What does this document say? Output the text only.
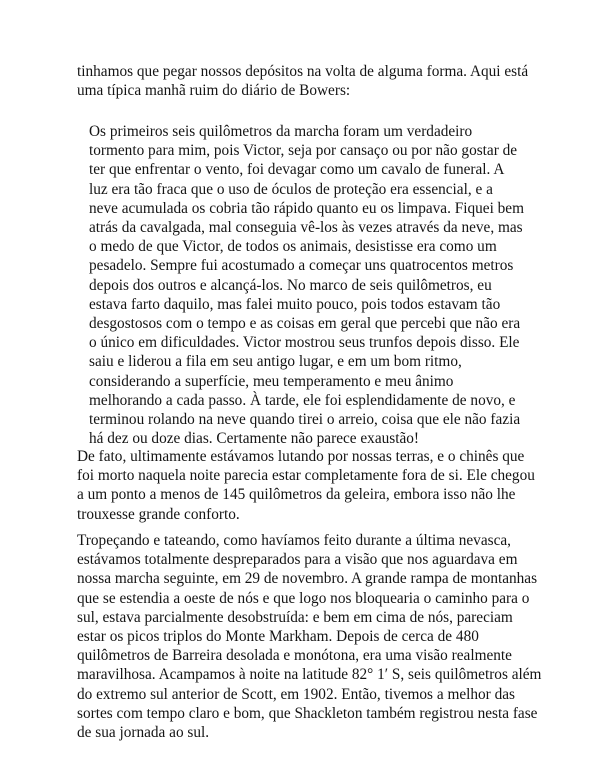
tinhamos que pegar nossos depósitos na volta de alguma forma. Aqui está
uma típica manhã ruim do diário de Bowers:

Os primeiros seis quilômetros da marcha foram um verdadeiro
tormento para mim, pois Victor, seja por cansaço ou por não gostar de
ter que enfrentar o vento, foi devagar como um cavalo de funeral. A
luz era tão fraca que o uso de óculos de proteção era essencial, e a
neve acumulada os cobria tão rápido quanto eu os limpava. Fiquei bem
atrás da cavalgada, mal conseguia vê-los às vezes através da neve, mas
o medo de que Victor, de todos os animais, desistisse era como um
pesadelo. Sempre fui acostumado a começar uns quatrocentos metros
depois dos outros e alcançá-los. No marco de seis quilômetros, eu
estava farto daquilo, mas falei muito pouco, pois todos estavam tão
desgostosos com o tempo e as coisas em geral que percebi que não era
o único em dificuldades. Victor mostrou seus trunfos depois disso. Ele
saiu e liderou a fila em seu antigo lugar, e em um bom ritmo,
considerando a superfície, meu temperamento e meu ânimo
melhorando a cada passo. À tarde, ele foi esplendidamente de novo, e
terminou rolando na neve quando tirei o arreio, coisa que ele não fazia
há dez ou doze dias. Certamente não parece exaustão!

De fato, ultimamente estávamos lutando por nossas terras, e o chinês que
foi morto naquela noite parecia estar completamente fora de si. Ele chegou
a um ponto a menos de 145 quilômetros da geleira, embora isso não lhe
trouxesse grande conforto.

Tropeçando e tateando, como havíamos feito durante a última nevasca,
estávamos totalmente despreparados para a visão que nos aguardava em
nossa marcha seguinte, em 29 de novembro. A grande rampa de montanhas
que se estendia a oeste de nós e que logo nos bloquearia o caminho para o
sul, estava parcialmente desobstruída: e bem em cima de nós, pareciam
estar os picos triplos do Monte Markham. Depois de cerca de 480
quilômetros de Barreira desolada e monótona, era uma visão realmente
maravilhosa. Acampamos à noite na latitude 82° 1′ S, seis quilômetros além
do extremo sul anterior de Scott, em 1902. Então, tivemos a melhor das
sortes com tempo claro e bom, que Shackleton também registrou nesta fase
de sua jornada ao sul.
